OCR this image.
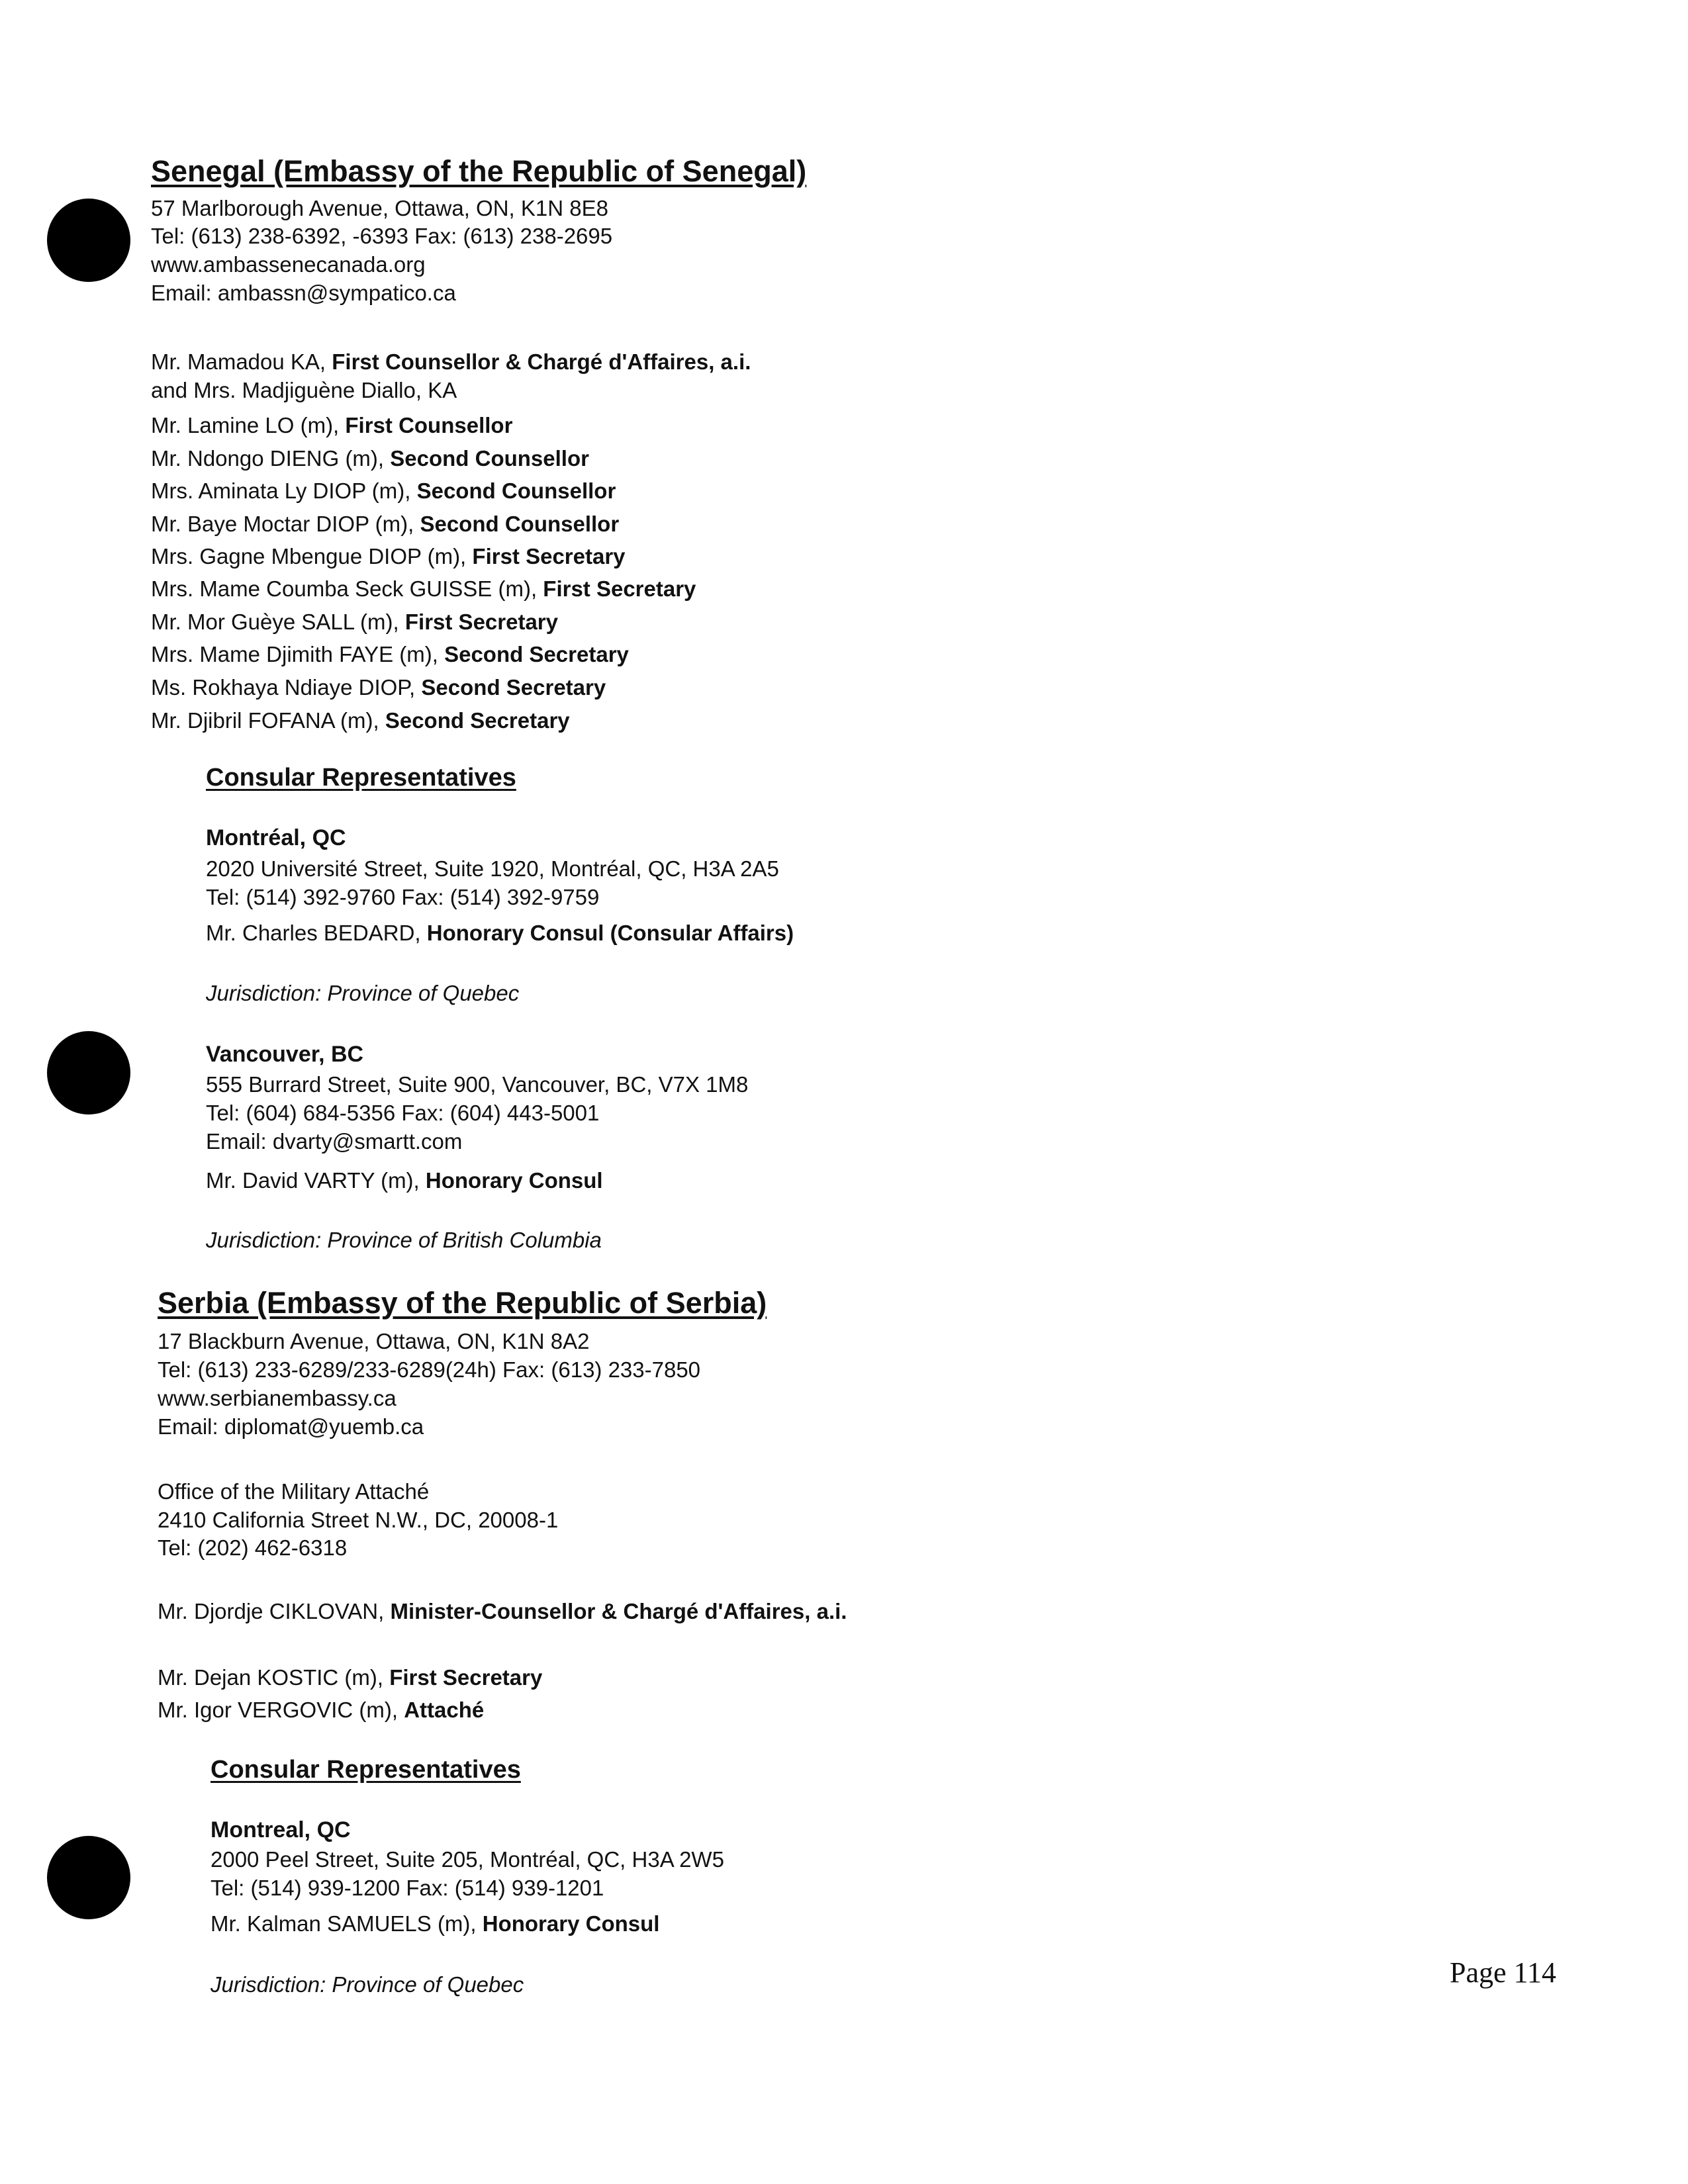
Senegal (Embassy of the Republic of Senegal)
57 Marlborough Avenue, Ottawa, ON, K1N 8E8
Tel: (613) 238-6392, -6393 Fax: (613) 238-2695
www.ambassenecanada.org
Email: ambassn@sympatico.ca
Mr. Mamadou KA, First Counsellor & Chargé d'Affaires, a.i.
and Mrs. Madjiguène Diallo, KA
Mr. Lamine LO (m), First Counsellor
Mr. Ndongo DIENG (m), Second Counsellor
Mrs. Aminata Ly DIOP (m), Second Counsellor
Mr. Baye Moctar DIOP (m), Second Counsellor
Mrs. Gagne Mbengue DIOP (m), First Secretary
Mrs. Mame Coumba Seck GUISSE (m), First Secretary
Mr. Mor Guèye SALL (m), First Secretary
Mrs. Mame Djimith FAYE (m), Second Secretary
Ms. Rokhaya Ndiaye DIOP, Second Secretary
Mr. Djibril FOFANA (m), Second Secretary
Consular Representatives
Montréal, QC
2020 Université Street, Suite 1920, Montréal, QC, H3A 2A5
Tel: (514) 392-9760 Fax: (514) 392-9759
Mr. Charles BEDARD, Honorary Consul (Consular Affairs)
Jurisdiction: Province of Quebec
Vancouver, BC
555 Burrard Street, Suite 900, Vancouver, BC, V7X 1M8
Tel: (604) 684-5356 Fax: (604) 443-5001
Email: dvarty@smartt.com
Mr. David VARTY (m), Honorary Consul
Jurisdiction: Province of British Columbia
Serbia (Embassy of the Republic of Serbia)
17 Blackburn Avenue, Ottawa, ON, K1N 8A2
Tel: (613) 233-6289/233-6289(24h) Fax: (613) 233-7850
www.serbianembassy.ca
Email: diplomat@yuemb.ca
Office of the Military Attaché
2410 California Street N.W., DC, 20008-1
Tel: (202) 462-6318
Mr. Djordje CIKLOVAN, Minister-Counsellor & Chargé d'Affaires, a.i.
Mr. Dejan KOSTIC (m), First Secretary
Mr. Igor VERGOVIC (m), Attaché
Consular Representatives
Montreal, QC
2000 Peel Street, Suite 205, Montréal, QC, H3A 2W5
Tel: (514) 939-1200 Fax: (514) 939-1201
Mr. Kalman SAMUELS (m), Honorary Consul
Jurisdiction: Province of Quebec	Page 114
